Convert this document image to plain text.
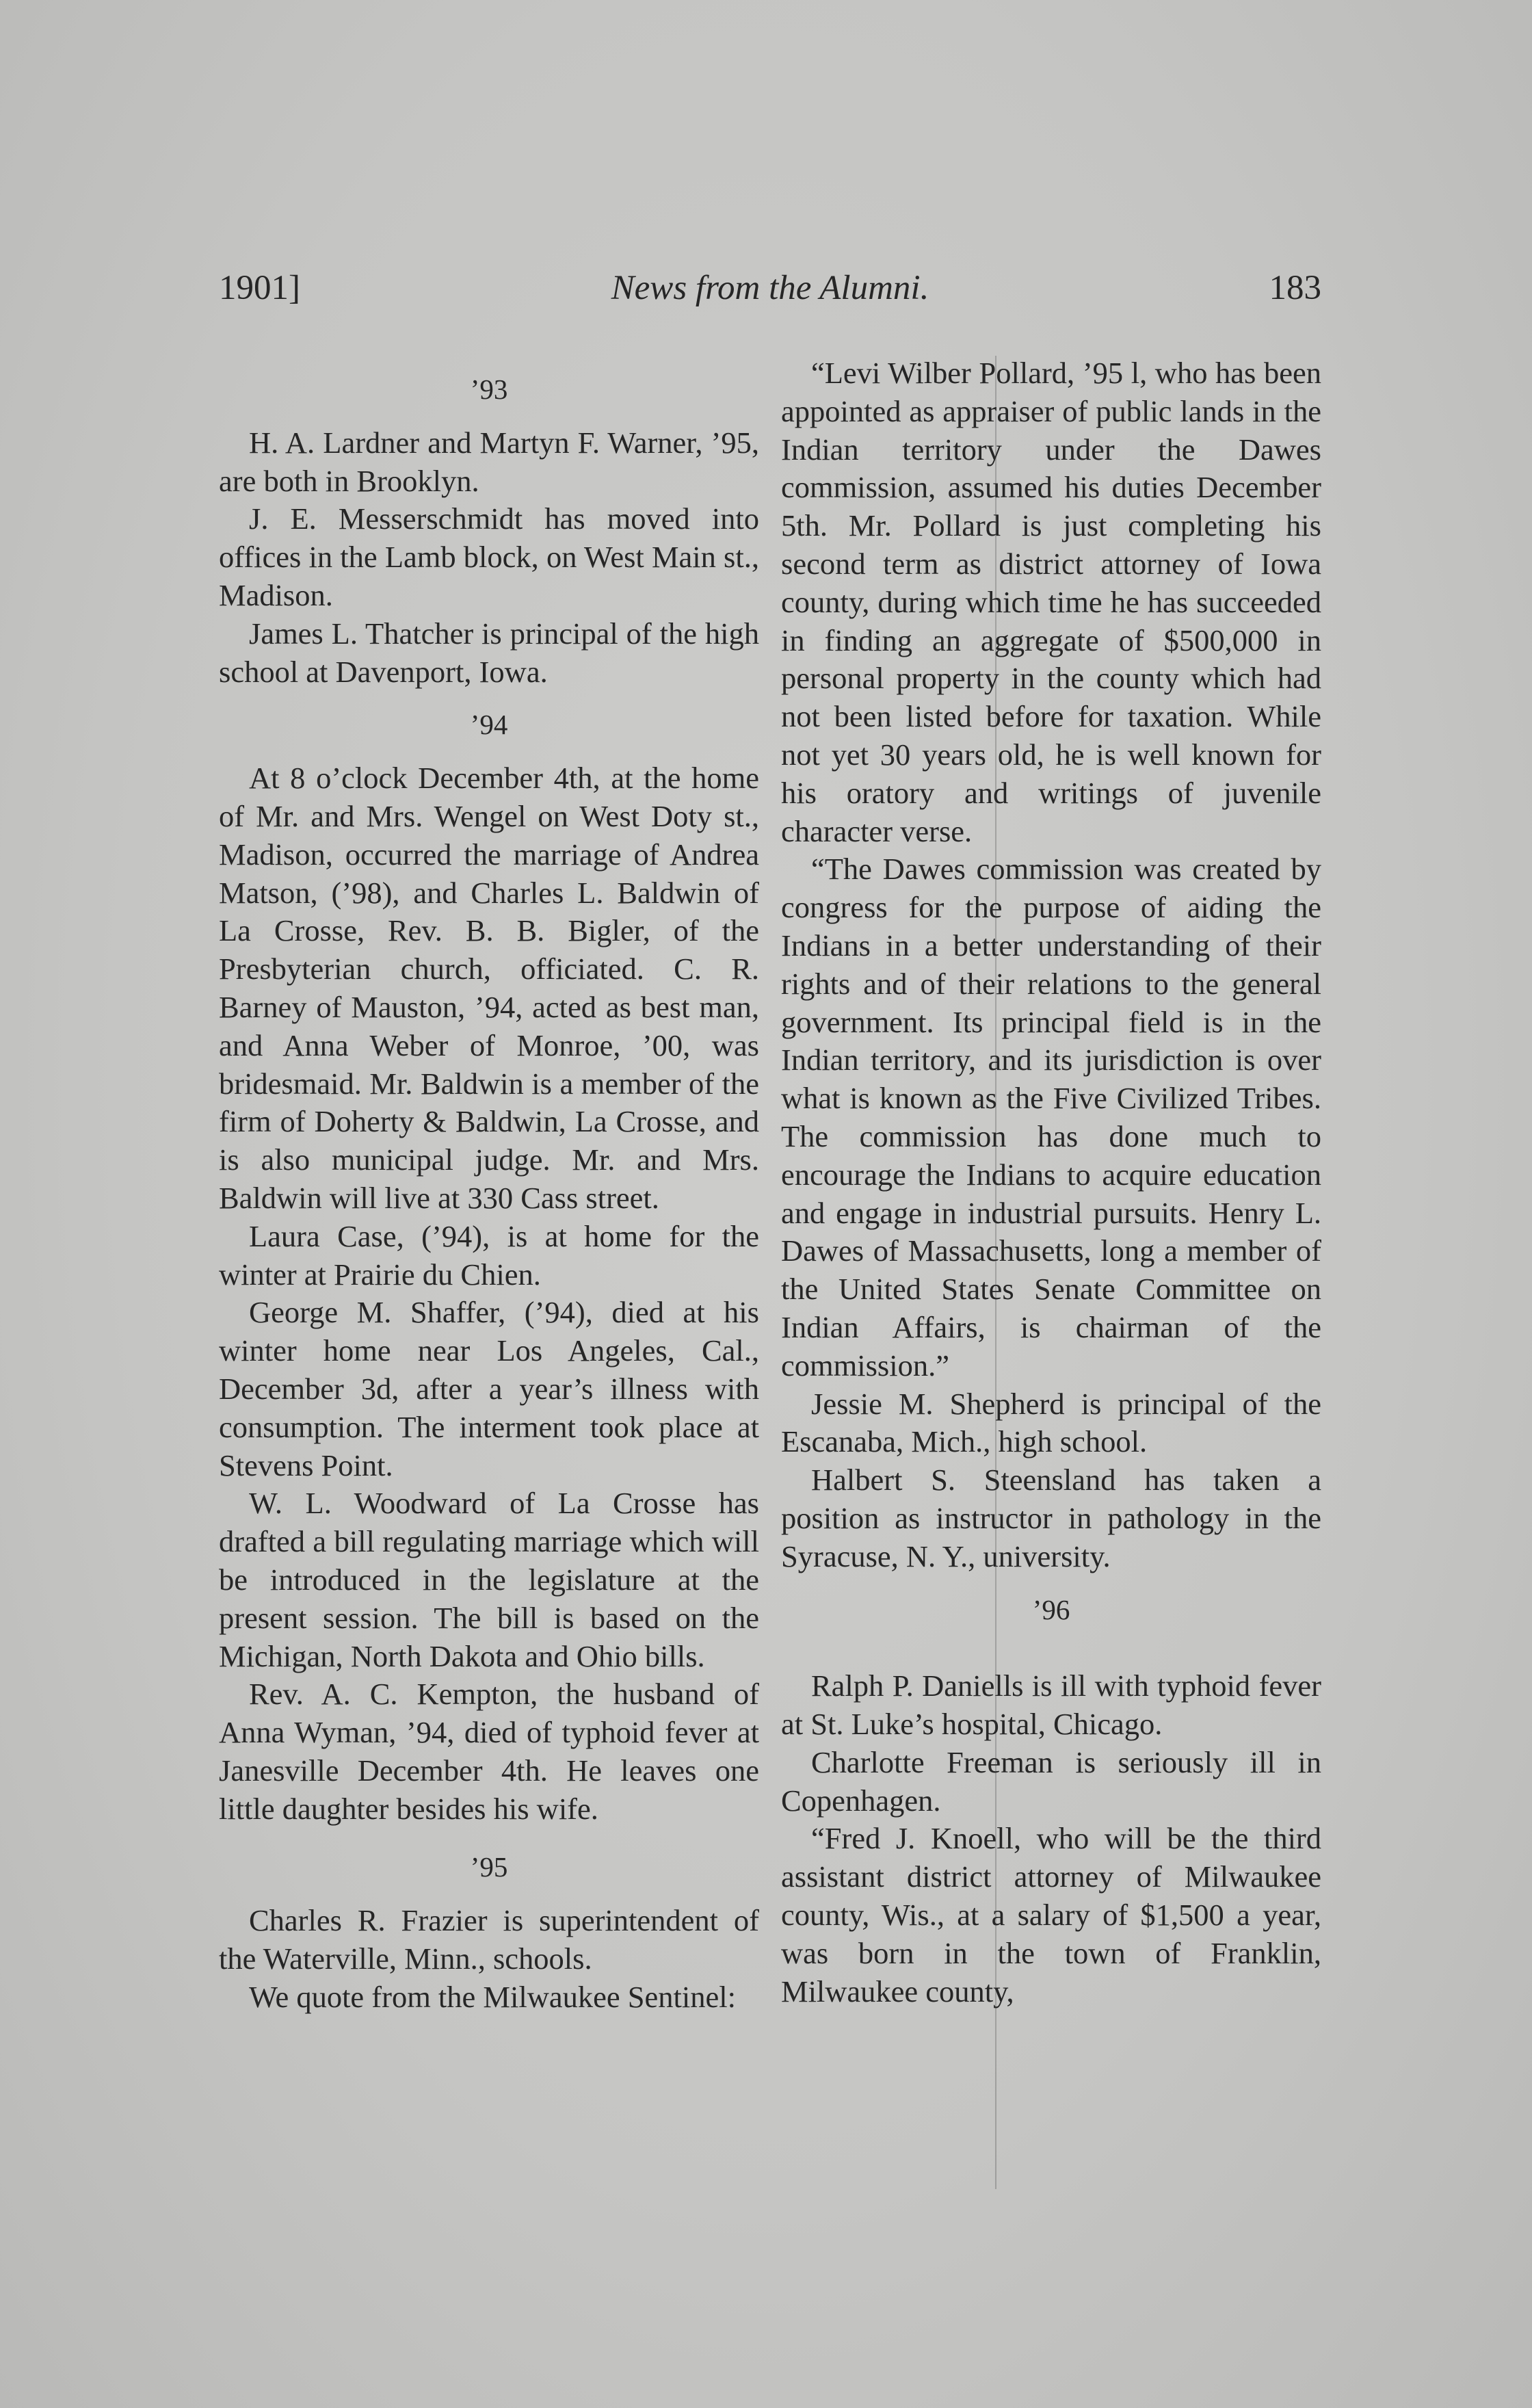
1901]	News from the Alumni.	183

’93

H. A. Lardner and Martyn F. Warner, ’95, are both in Brooklyn.

J. E. Messerschmidt has moved into offices in the Lamb block, on West Main st., Madison.

James L. Thatcher is principal of the high school at Davenport, Iowa.

’94

At 8 o’clock December 4th, at the home of Mr. and Mrs. Wengel on West Doty st., Madison, occurred the marriage of Andrea Matson, (’98), and Charles L. Baldwin of La Crosse, Rev. B. B. Bigler, of the Presbyterian church, officiated. C. R. Barney of Mauston, ’94, acted as best man, and Anna Weber of Monroe, ’00, was bridesmaid. Mr. Baldwin is a member of the firm of Doherty & Baldwin, La Crosse, and is also municipal judge. Mr. and Mrs. Baldwin will live at 330 Cass street.

Laura Case, (’94), is at home for the winter at Prairie du Chien.

George M. Shaffer, (’94), died at his winter home near Los Angeles, Cal., December 3d, after a year’s illness with consumption. The interment took place at Stevens Point.

W. L. Woodward of La Crosse has drafted a bill regulating marriage which will be introduced in the legislature at the present session. The bill is based on the Michigan, North Dakota and Ohio bills.

Rev. A. C. Kempton, the husband of Anna Wyman, ’94, died of typhoid fever at Janesville December 4th. He leaves one little daughter besides his wife.

’95

Charles R. Frazier is superintendent of the Waterville, Minn., schools.

We quote from the Milwaukee Sentinel:

“Levi Wilber Pollard, ’95 l, who has been appointed as appraiser of public lands in the Indian territory under the Dawes commission, assumed his duties December 5th. Mr. Pollard is just completing his second term as district attorney of Iowa county, during which time he has succeeded in finding an aggregate of $500,000 in personal property in the county which had not been listed before for taxation. While not yet 30 years old, he is well known for his oratory and writings of juvenile character verse.

“The Dawes commission was created by congress for the purpose of aiding the Indians in a better understanding of their rights and of their relations to the general government. Its principal field is in the Indian territory, and its jurisdiction is over what is known as the Five Civilized Tribes. The commission has done much to encourage the Indians to acquire education and engage in industrial pursuits. Henry L. Dawes of Massachusetts, long a member of the United States Senate Committee on Indian Affairs, is chairman of the commission.”

Jessie M. Shepherd is principal of the Escanaba, Mich., high school.

Halbert S. Steensland has taken a position as instructor in pathology in the Syracuse, N. Y., university.

’96

Ralph P. Daniells is ill with typhoid fever at St. Luke’s hospital, Chicago.

Charlotte Freeman is seriously ill in Copenhagen.

“Fred J. Knoell, who will be the third assistant district attorney of Milwaukee county, Wis., at a salary of $1,500 a year, was born in the town of Franklin, Milwaukee county,
